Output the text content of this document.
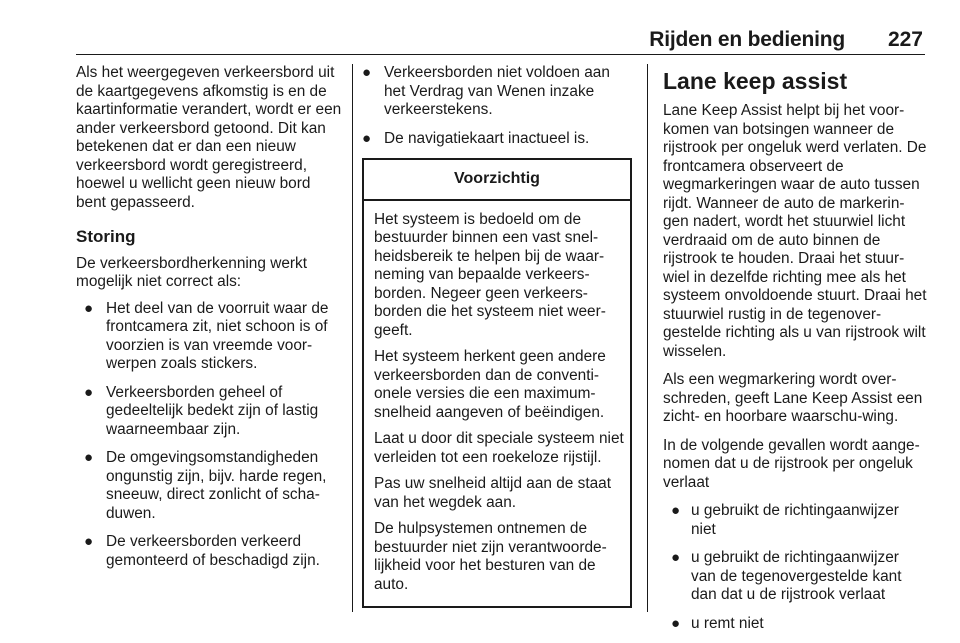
Rijden en bediening 227

Als het weergegeven verkeersbord uit de kaartgegevens afkomstig is en de kaartinformatie verandert, wordt er een ander verkeersbord getoond. Dit kan betekenen dat er dan een nieuw verkeersbord wordt geregistreerd, hoewel u wellicht geen nieuw bord bent gepasseerd.

Storing

De verkeersbordherkenning werkt mogelijk niet correct als:

● Het deel van de voorruit waar de frontcamera zit, niet schoon is of voorzien is van vreemde voor-werpen zoals stickers.
● Verkeersborden geheel of gedeeltelijk bedekt zijn of lastig waarneembaar zijn.
● De omgevingsomstandigheden ongunstig zijn, bijv. harde regen, sneeuw, direct zonlicht of scha-duwen.
● De verkeersborden verkeerd gemonteerd of beschadigd zijn.
● Verkeersborden niet voldoen aan het Verdrag van Wenen inzake verkeerstekens.
● De navigatiekaart inactueel is.
Voorzichtig

Het systeem is bedoeld om de bestuurder binnen een vast snel-heidsbereik te helpen bij de waar-neming van bepaalde verkeers-borden. Negeer geen verkeers-borden die het systeem niet weer-geeft.

Het systeem herkent geen andere verkeersborden dan de conventi-onele versies die een maximum-snelheid aangeven of beëindigen.

Laat u door dit speciale systeem niet verleiden tot een roekeloze rijstijl.

Pas uw snelheid altijd aan de staat van het wegdek aan.

De hulpsystemen ontnemen de bestuurder niet zijn verantwoorde-lijkheid voor het besturen van de auto.

Lane keep assist

Lane Keep Assist helpt bij het voor-komen van botsingen wanneer de rijstrook per ongeluk werd verlaten. De frontcamera observeert de wegmarkeringen waar de auto tussen rijdt. Wanneer de auto de markerin-gen nadert, wordt het stuurwiel licht verdraaid om de auto binnen de rijstrook te houden. Draai het stuur-wiel in dezelfde richting mee als het systeem onvoldoende stuurt. Draai het stuurwiel rustig in de tegenover-gestelde richting als u van rijstrook wilt wisselen.

Als een wegmarkering wordt over-schreden, geeft Lane Keep Assist een zicht- en hoorbare waarschu-wing.

In de volgende gevallen wordt aange-nomen dat u de rijstrook per ongeluk verlaat

● u gebruikt de richtingaanwijzer niet
● u gebruikt de richtingaanwijzer van de tegenovergestelde kant dan dat u de rijstrook verlaat
● u remt niet
